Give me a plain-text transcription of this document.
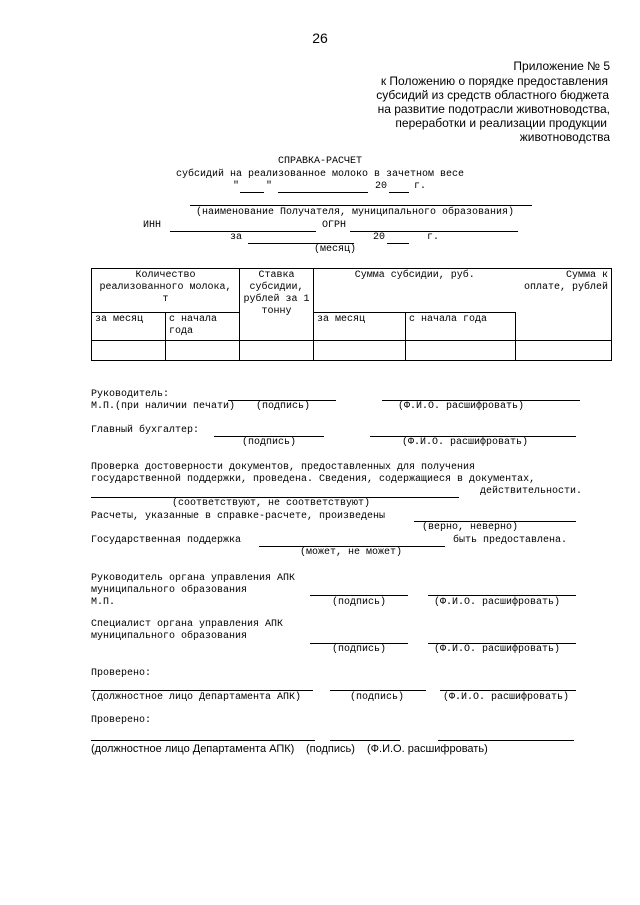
26
Приложение № 5
к Положению о порядке предоставления
субсидий из средств областного бюджета
на развитие подотрасли животноводства,
переработки и реализации продукции
животноводства
СПРАВКА-РАСЧЕТ
субсидий на реализованное молоко в зачетном весе
"	"	20	г.
(наименование Получателя, муниципального образования)
ИНН	ОГРН
за	20	г.
(месяц)
Количество реализованного молока, т		Ставка субсидии, рублей за 1 тонну	Сумма субсидии, руб.		Сумма к оплате, рублей
за месяц	с начала года		за месяц	с начала года	

Руководитель:
М.П.(при наличии печати) (подпись)	(Ф.И.О. расшифровать)
Главный бухгалтер:
(подпись)	(Ф.И.О. расшифровать)
Проверка достоверности документов, предоставленных для получения
государственной поддержки, проведена. Сведения, содержащиеся в документах,
действительности.
(соответствуют, не соответствуют)
Расчеты, указанные в справке-расчете, произведены
(верно, неверно)
Государственная поддержка	быть предоставлена.
(может, не может)
Руководитель органа управления АПК
муниципального образования
М.П.	(подпись)	(Ф.И.О. расшифровать)
Специалист органа управления АПК
муниципального образования
(подпись)	(Ф.И.О. расшифровать)
Проверено:
(должностное лицо Департамента АПК)	(подпись)	(Ф.И.О. расшифровать)
Проверено:
(должностное лицо Департамента АПК) (подпись) (Ф.И.О. расшифровать)
